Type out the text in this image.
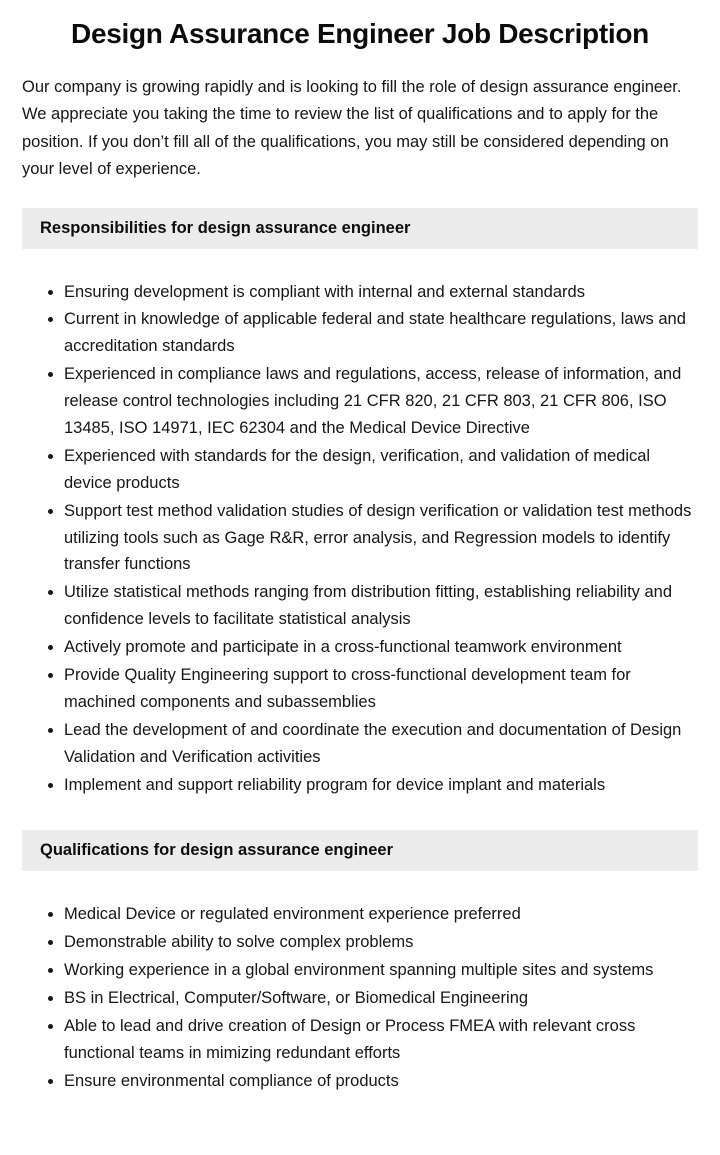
Design Assurance Engineer Job Description

Our company is growing rapidly and is looking to fill the role of design assurance engineer. We appreciate you taking the time to review the list of qualifications and to apply for the position. If you don’t fill all of the qualifications, you may still be considered depending on your level of experience.

Responsibilities for design assurance engineer
• Ensuring development is compliant with internal and external standards
• Current in knowledge of applicable federal and state healthcare regulations, laws and accreditation standards
• Experienced in compliance laws and regulations, access, release of information, and release control technologies including 21 CFR 820, 21 CFR 803, 21 CFR 806, ISO 13485, ISO 14971, IEC 62304 and the Medical Device Directive
• Experienced with standards for the design, verification, and validation of medical device products
• Support test method validation studies of design verification or validation test methods utilizing tools such as Gage R&R, error analysis, and Regression models to identify transfer functions
• Utilize statistical methods ranging from distribution fitting, establishing reliability and confidence levels to facilitate statistical analysis
• Actively promote and participate in a cross-functional teamwork environment
• Provide Quality Engineering support to cross-functional development team for machined components and subassemblies
• Lead the development of and coordinate the execution and documentation of Design Validation and Verification activities
• Implement and support reliability program for device implant and materials
Qualifications for design assurance engineer
• Medical Device or regulated environment experience preferred
• Demonstrable ability to solve complex problems
• Working experience in a global environment spanning multiple sites and systems
• BS in Electrical, Computer/Software, or Biomedical Engineering
• Able to lead and drive creation of Design or Process FMEA with relevant cross functional teams in mimizing redundant efforts
• Ensure environmental compliance of products
